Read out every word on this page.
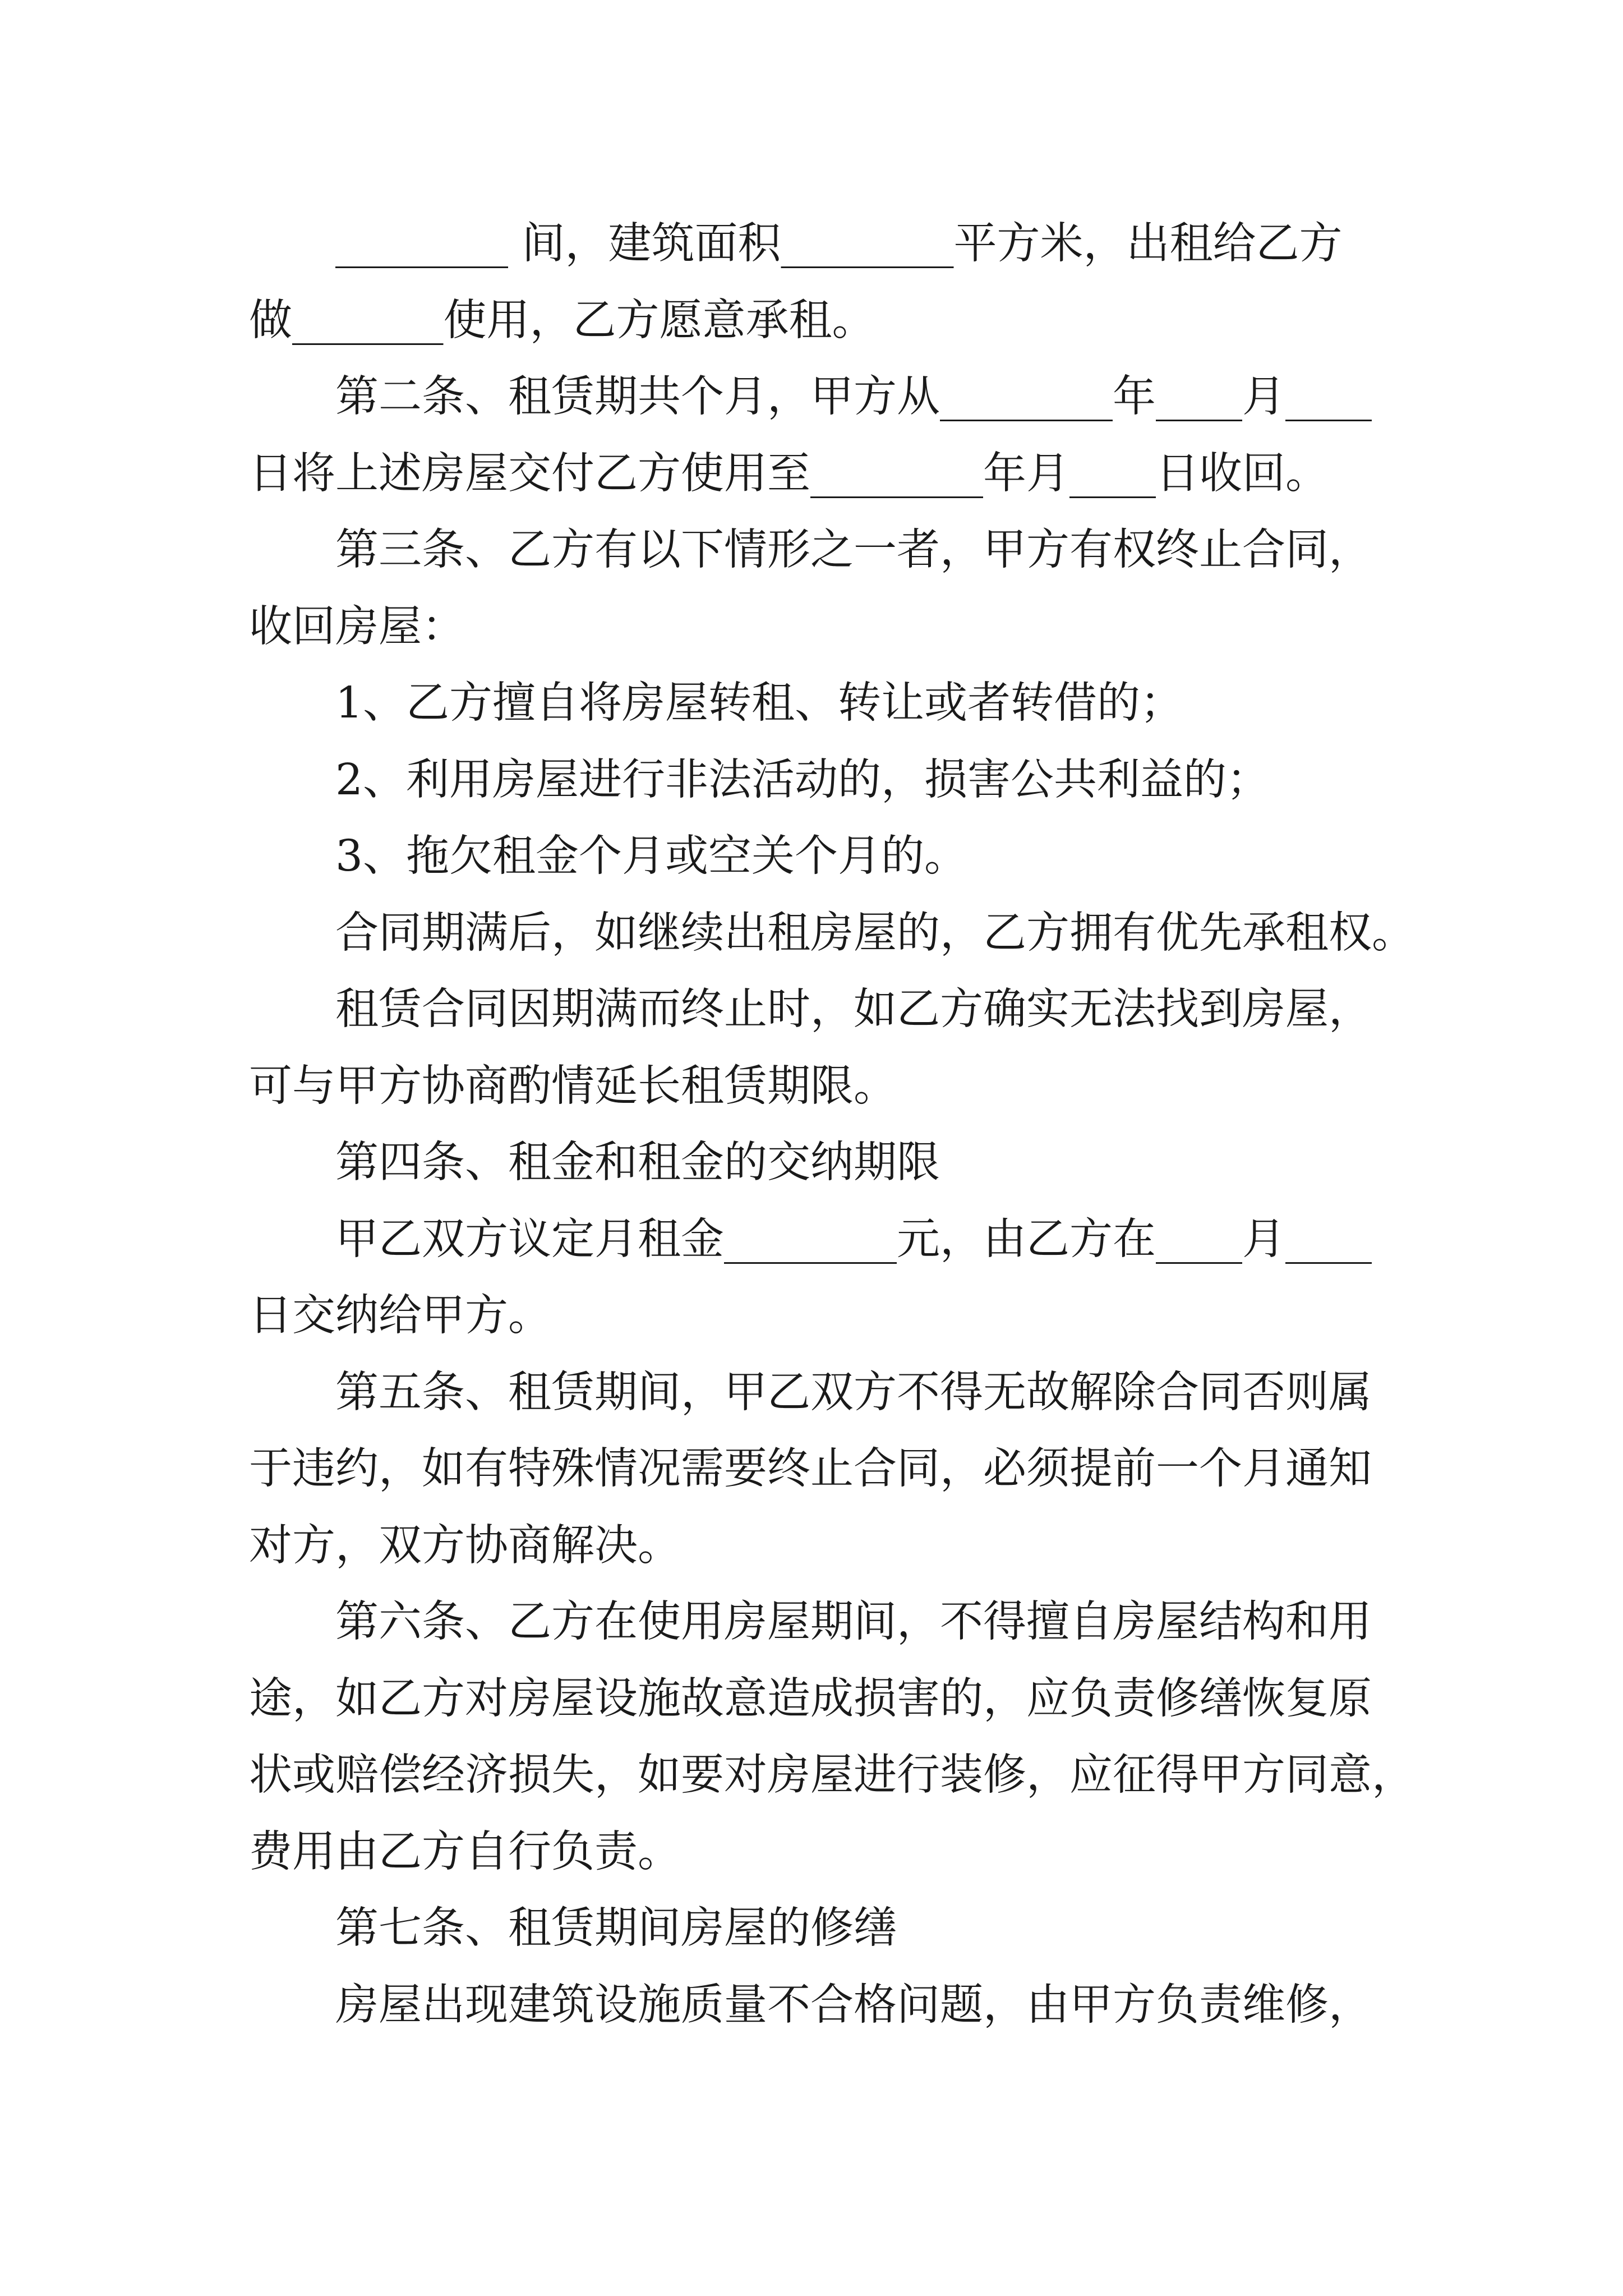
________ 间，建筑面积________平方米，出租给乙方
做_______使用，乙方愿意承租。
第二条、租赁期共个月，甲方从________年____月____
日将上述房屋交付乙方使用至________年月____日收回。
第三条、乙方有以下情形之一者，甲方有权终止合同，
收回房屋：
1、乙方擅自将房屋转租、转让或者转借的；
2、利用房屋进行非法活动的，损害公共利益的；
3、拖欠租金个月或空关个月的。
合同期满后，如继续出租房屋的，乙方拥有优先承租权。
租赁合同因期满而终止时，如乙方确实无法找到房屋，
可与甲方协商酌情延长租赁期限。
第四条、租金和租金的交纳期限
甲乙双方议定月租金________元，由乙方在____月____
日交纳给甲方。
第五条、租赁期间，甲乙双方不得无故解除合同否则属
于违约，如有特殊情况需要终止合同，必须提前一个月通知
对方，双方协商解决。
第六条、乙方在使用房屋期间，不得擅自房屋结构和用
途，如乙方对房屋设施故意造成损害的，应负责修缮恢复原
状或赔偿经济损失，如要对房屋进行装修，应征得甲方同意，
费用由乙方自行负责。
第七条、租赁期间房屋的修缮
房屋出现建筑设施质量不合格问题，由甲方负责维修，
